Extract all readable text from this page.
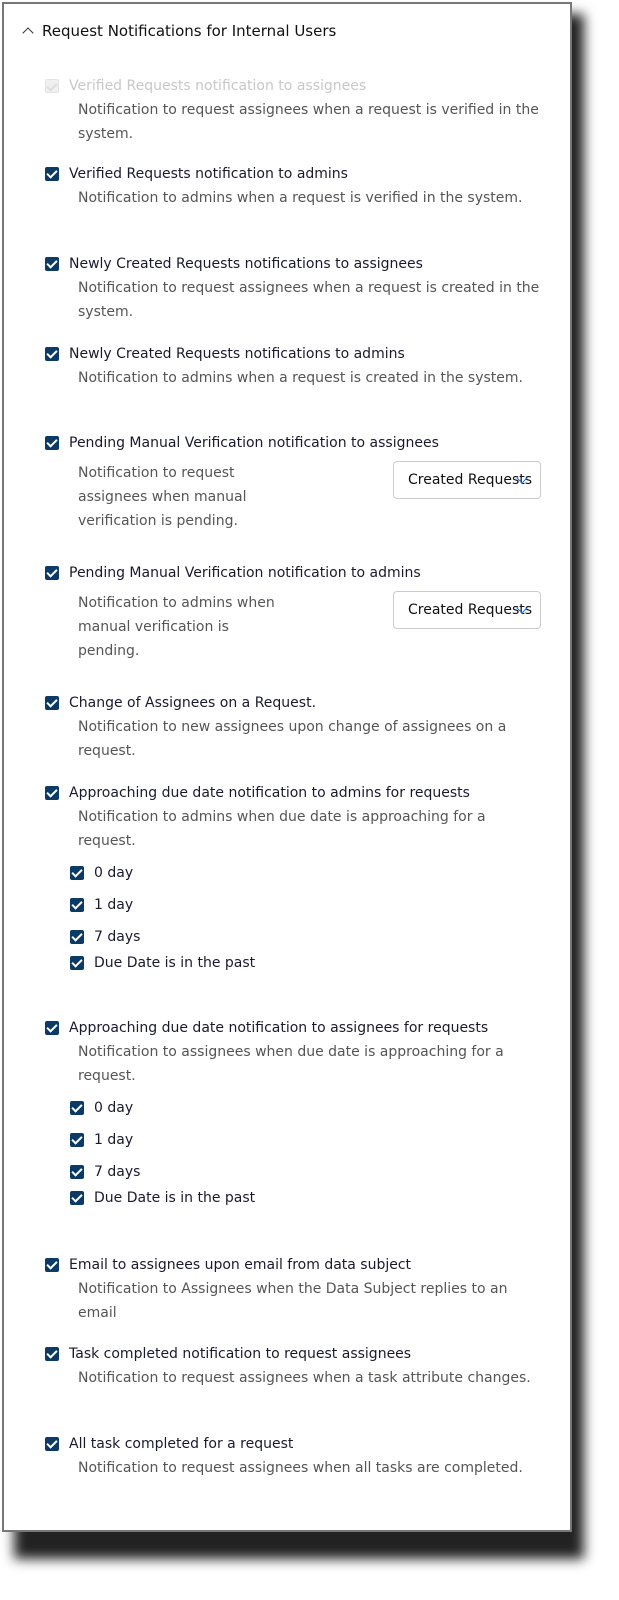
Request Notifications for Internal Users
Verified Requests notification to assignees
Notification to request assignees when a request is verified in the system.
Verified Requests notification to admins
Notification to admins when a request is verified in the system.
Newly Created Requests notifications to assignees
Notification to request assignees when a request is created in the system.
Newly Created Requests notifications to admins
Notification to admins when a request is created in the system.
Pending Manual Verification notification to assignees
Notification to request assignees when manual verification is pending.
Created Requests
Pending Manual Verification notification to admins
Notification to admins when manual verification is pending.
Created Requests
Change of Assignees on a Request.
Notification to new assignees upon change of assignees on a request.
Approaching due date notification to admins for requests
Notification to admins when due date is approaching for a request.
0 day
1 day
7 days
Due Date is in the past
Approaching due date notification to assignees for requests
Notification to assignees when due date is approaching for a request.
0 day
1 day
7 days
Due Date is in the past
Email to assignees upon email from data subject
Notification to Assignees when the Data Subject replies to an email
Task completed notification to request assignees
Notification to request assignees when a task attribute changes.
All task completed for a request
Notification to request assignees when all tasks are completed.
